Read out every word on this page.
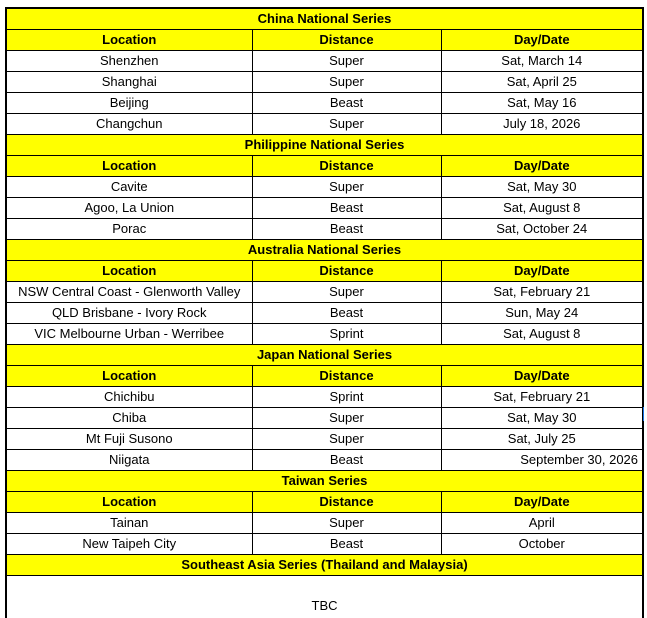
China National Series		
Location	Distance	Day/Date
Shenzhen	Super	Sat, March 14
Shanghai	Super	Sat, April 25
Beijing	Beast	Sat, May 16
Changchun	Super	July 18, 2026
Philippine National Series		
Location	Distance	Day/Date
Cavite	Super	Sat, May 30
Agoo, La Union	Beast	Sat, August 8
Porac	Beast	Sat, October 24
Australia National Series		
Location	Distance	Day/Date
NSW Central Coast - Glenworth Valley	Super	Sat, February 21
QLD Brisbane - Ivory Rock	Beast	Sun, May 24
VIC Melbourne Urban - Werribee	Sprint	Sat, August 8
Japan National Series		
Location	Distance	Day/Date
Chichibu	Sprint	Sat, February 21
Chiba	Super	Sat, May 30
Mt Fuji Susono	Super	Sat, July 25
Niigata	Beast	September 30, 2026
Taiwan Series		
Location	Distance	Day/Date
Tainan	Super	April
New Taipeh City	Beast	October
Southeast Asia Series (Thailand and Malaysia)		
TBC		
